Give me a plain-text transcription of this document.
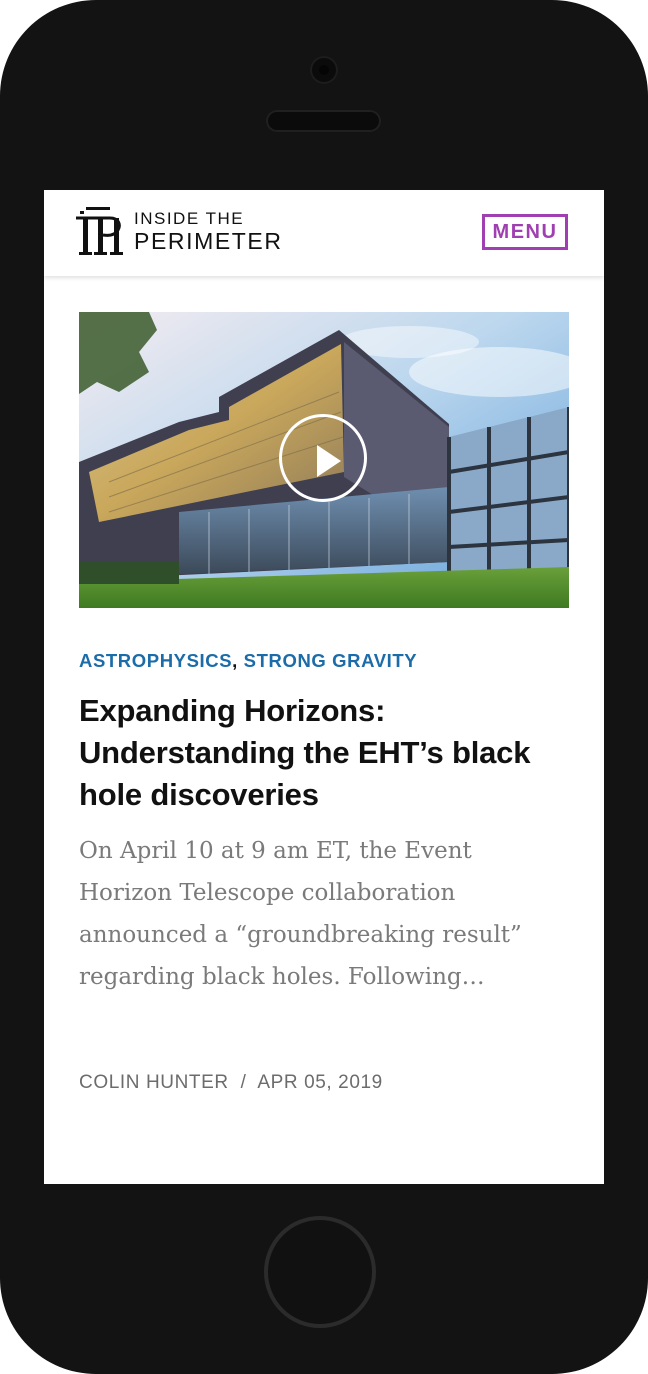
INSIDE THE
PERIMETER	MENU
ASTROPHYSICS, STRONG GRAVITY
Expanding Horizons: Understanding the EHT’s black hole discoveries

On April 10 at 9 am ET, the Event Horizon Telescope collaboration announced a “groundbreaking result” regarding black holes. Following…

COLIN HUNTER / APR 05, 2019
